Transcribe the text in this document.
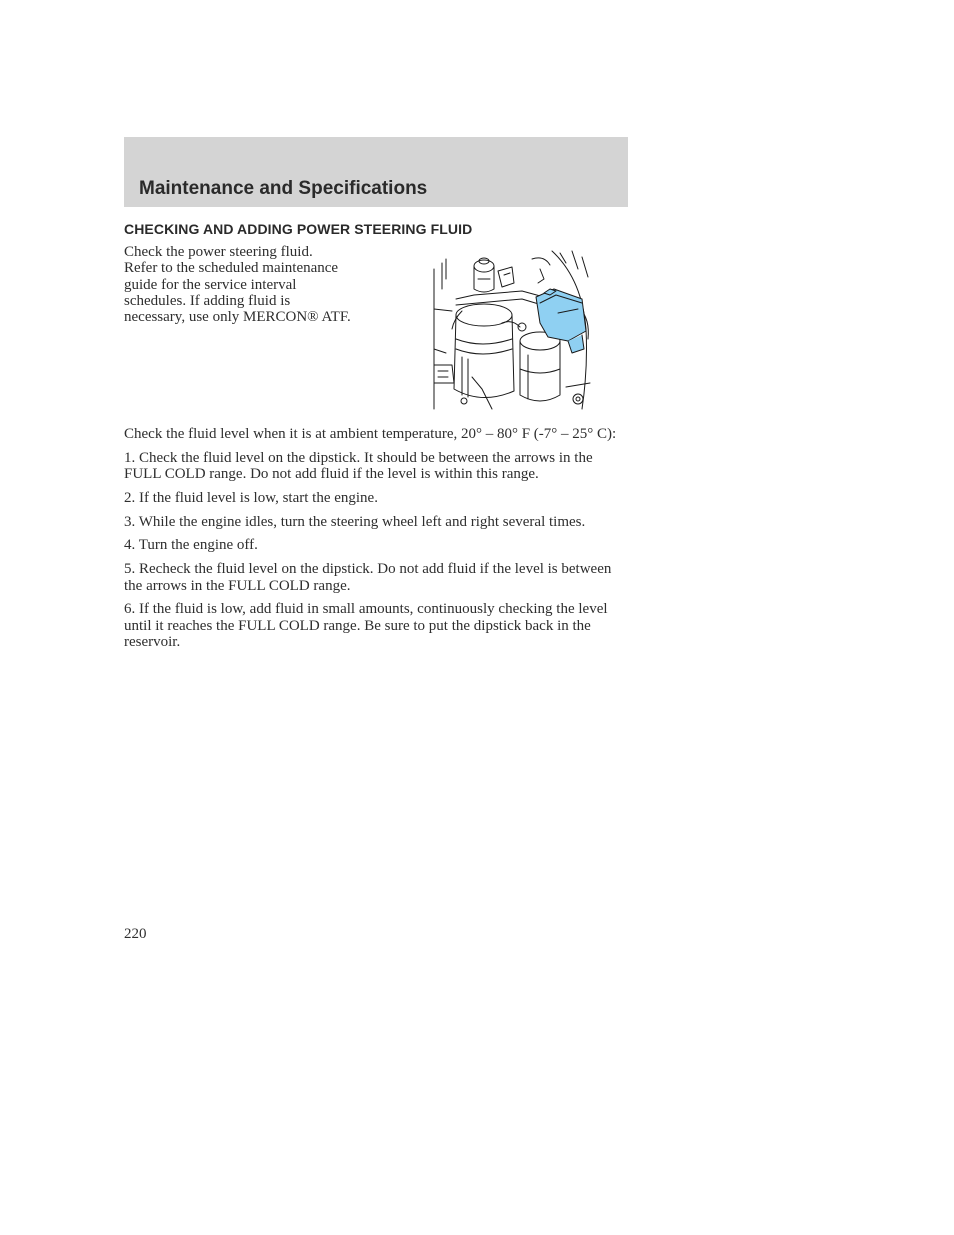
Maintenance and Specifications
CHECKING AND ADDING POWER STEERING FLUID
Check the power steering fluid.
Refer to the scheduled maintenance
guide for the service interval
schedules. If adding fluid is
necessary, use only MERCON® ATF.

Check the fluid level when it is at ambient temperature, 20° – 80° F (-7° – 25° C):

1. Check the fluid level on the dipstick. It should be between the arrows in the FULL COLD range. Do not add fluid if the level is within this range.

2. If the fluid level is low, start the engine.

3. While the engine idles, turn the steering wheel left and right several times.

4. Turn the engine off.

5. Recheck the fluid level on the dipstick. Do not add fluid if the level is between the arrows in the FULL COLD range.

6. If the fluid is low, add fluid in small amounts, continuously checking the level until it reaches the FULL COLD range. Be sure to put the dipstick back in the reservoir.

220
